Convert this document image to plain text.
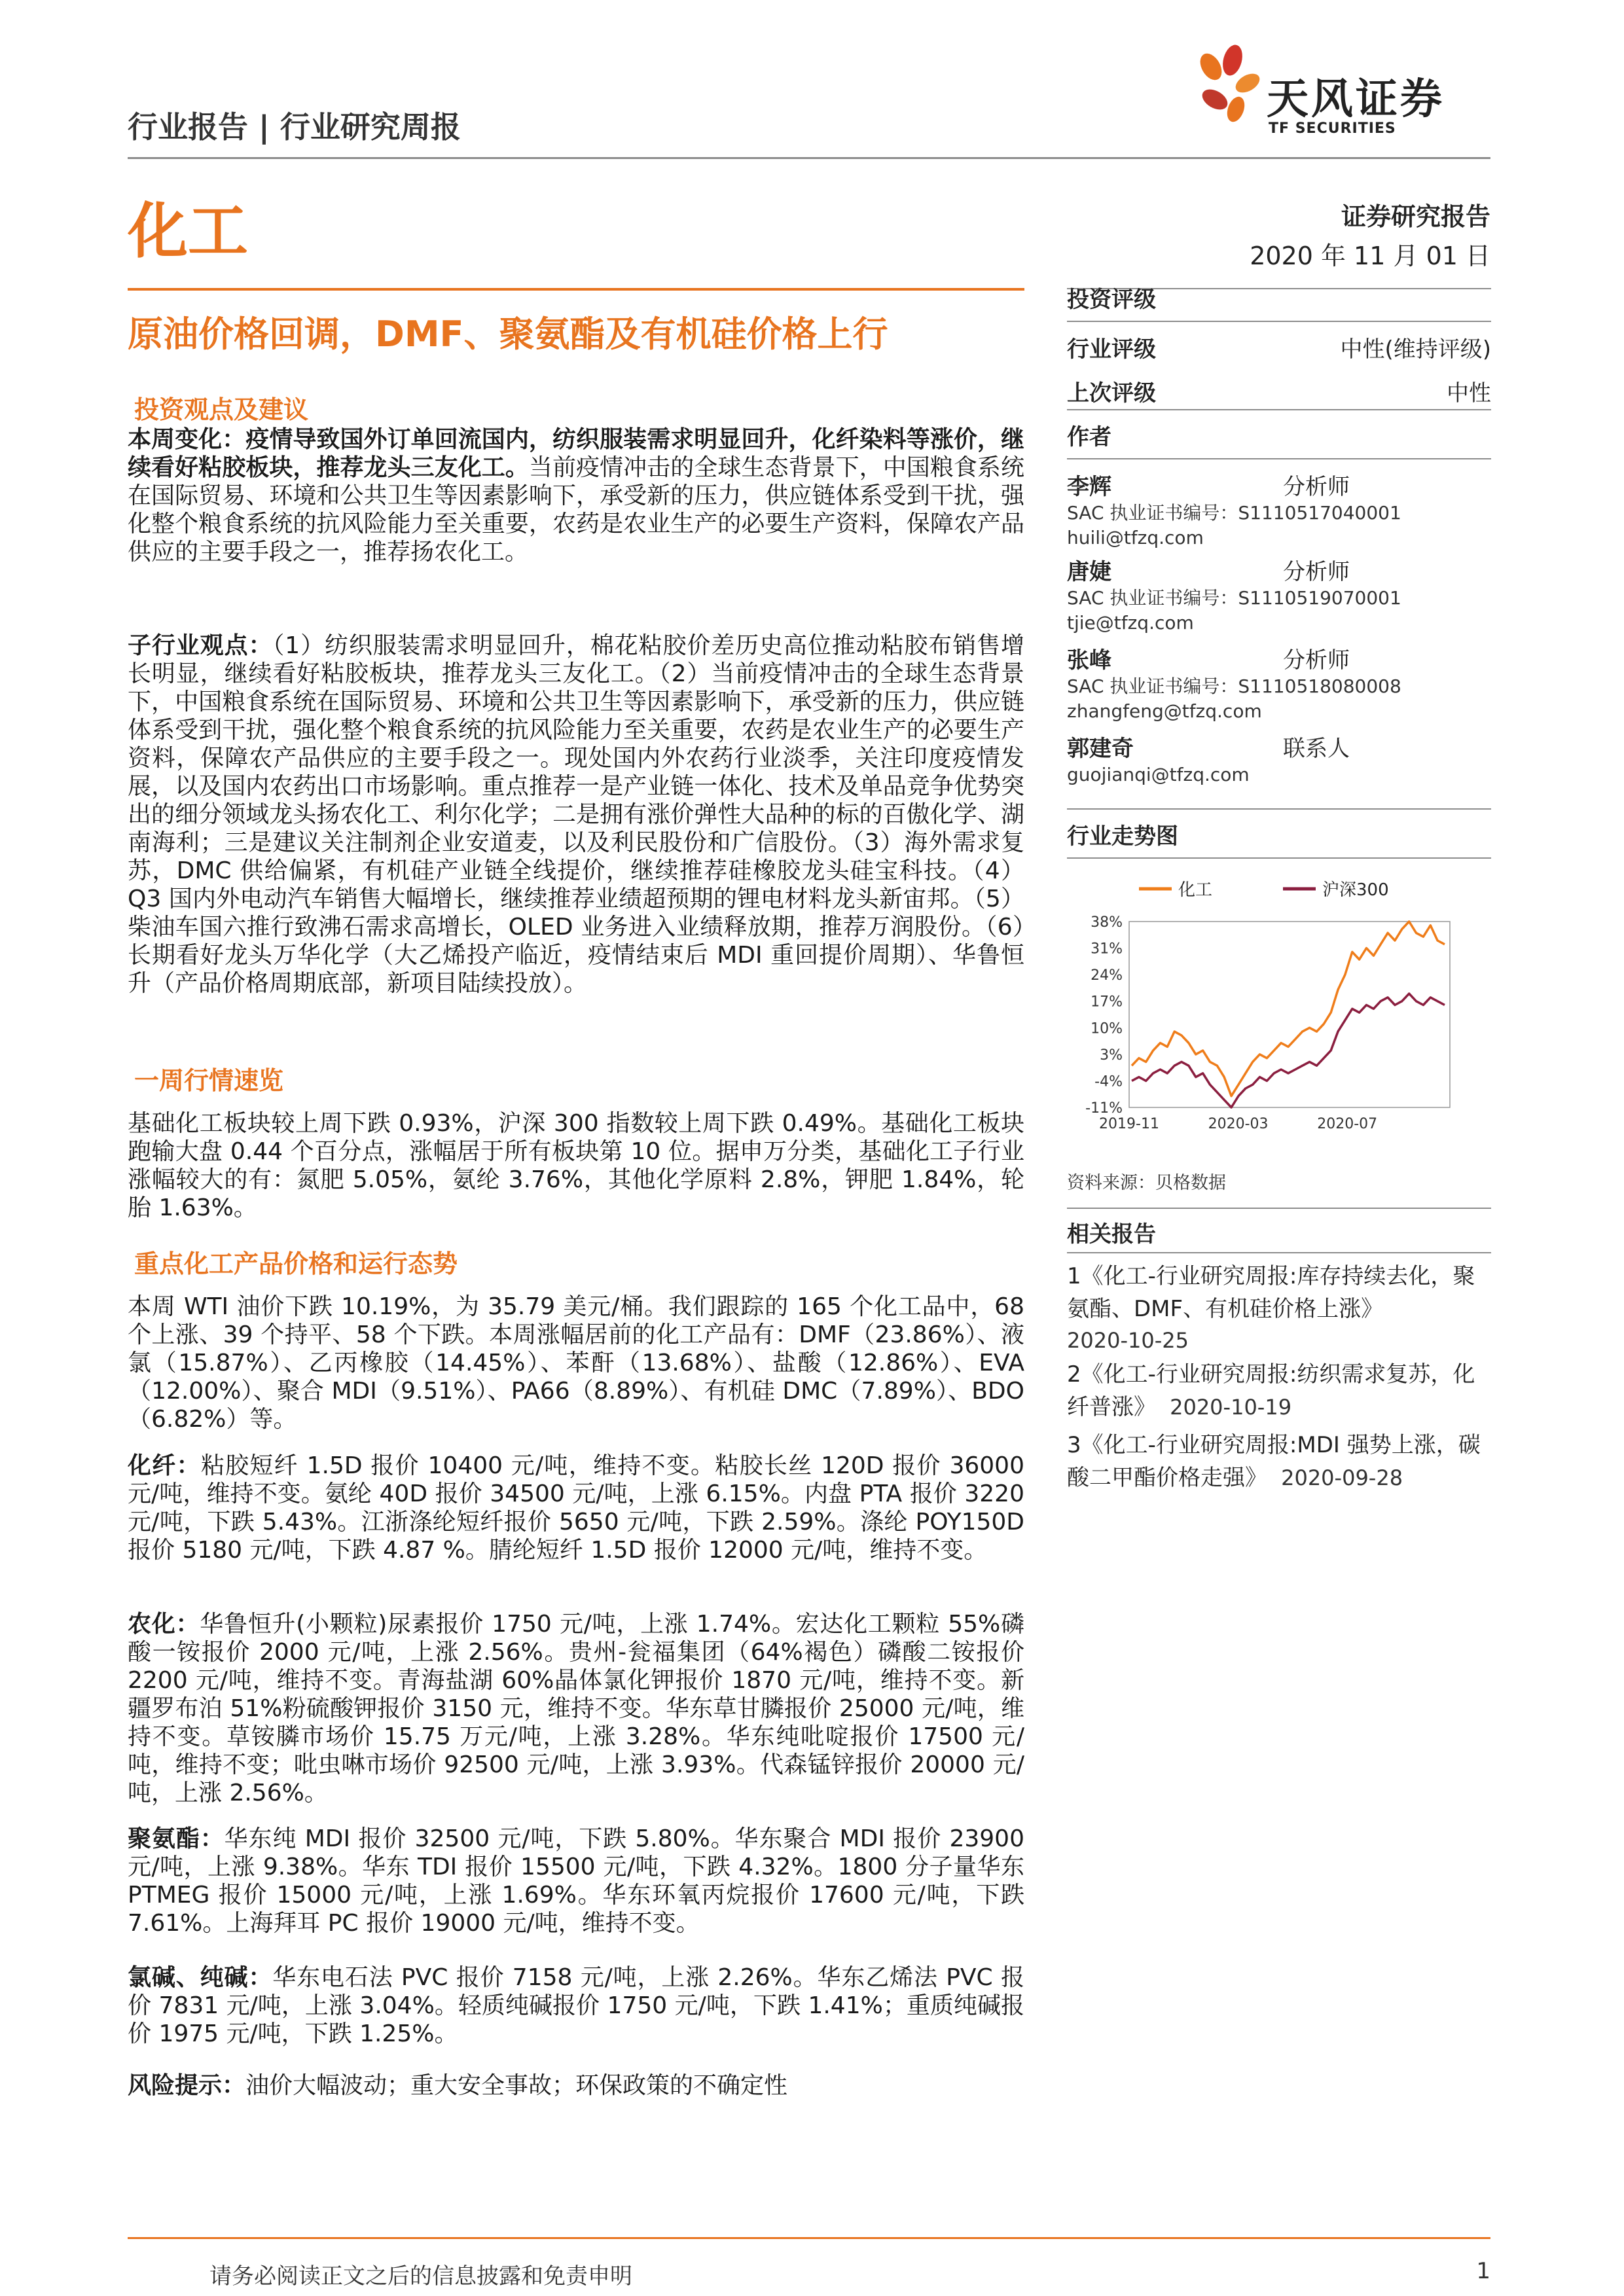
行业报告 | 行业研究周报
天风证券
TF SECURITIES
化工	证券研究报告
2020 年 11 月 01 日
原油价格回调，DMF、聚氨酯及有机硅价格上行
投资观点及建议
本周变化：疫情导致国外订单回流国内，纺织服装需求明显回升，化纤染料等涨价，继续看好粘胶板块，推荐龙头三友化工。当前疫情冲击的全球生态背景下，中国粮食系统在国际贸易、环境和公共卫生等因素影响下，承受新的压力，供应链体系受到干扰，强化整个粮食系统的抗风险能力至关重要，农药是农业生产的必要生产资料，保障农产品供应的主要手段之一，推荐扬农化工。
子行业观点：（1）纺织服装需求明显回升，棉花粘胶价差历史高位推动粘胶布销售增长明显，继续看好粘胶板块，推荐龙头三友化工。（2）当前疫情冲击的全球生态背景下，中国粮食系统在国际贸易、环境和公共卫生等因素影响下，承受新的压力，供应链体系受到干扰，强化整个粮食系统的抗风险能力至关重要，农药是农业生产的必要生产资料，保障农产品供应的主要手段之一。现处国内外农药行业淡季，关注印度疫情发展，以及国内农药出口市场影响。重点推荐一是产业链一体化、技术及单品竞争优势突出的细分领域龙头扬农化工、利尔化学；二是拥有涨价弹性大品种的标的百傲化学、湖南海利；三是建议关注制剂企业安道麦，以及利民股份和广信股份。（3）海外需求复苏，DMC 供给偏紧，有机硅产业链全线提价，继续推荐硅橡胶龙头硅宝科技。（4）Q3 国内外电动汽车销售大幅增长，继续推荐业绩超预期的锂电材料龙头新宙邦。（5）柴油车国六推行致沸石需求高增长，OLED 业务进入业绩释放期，推荐万润股份。（6）长期看好龙头万华化学（大乙烯投产临近，疫情结束后 MDI 重回提价周期）、华鲁恒升（产品价格周期底部，新项目陆续投放）。
一周行情速览
基础化工板块较上周下跌 0.93%，沪深 300 指数较上周下跌 0.49%。基础化工板块跑输大盘 0.44 个百分点，涨幅居于所有板块第 10 位。据申万分类，基础化工子行业涨幅较大的有：氮肥 5.05%，氨纶 3.76%，其他化学原料 2.8%，钾肥 1.84%，轮胎 1.63%。
重点化工产品价格和运行态势
本周 WTI 油价下跌 10.19%，为 35.79 美元/桶。我们跟踪的 165 个化工品中，68 个上涨、39 个持平、58 个下跌。本周涨幅居前的化工产品有：DMF（23.86%）、液氯（15.87%）、乙丙橡胶（14.45%）、苯酐（13.68%）、盐酸（12.86%）、EVA（12.00%）、聚合 MDI（9.51%）、PA66（8.89%）、有机硅 DMC（7.89%）、BDO（6.82%）等。
化纤：粘胶短纤 1.5D 报价 10400 元/吨，维持不变。粘胶长丝 120D 报价 36000 元/吨，维持不变。氨纶 40D 报价 34500 元/吨，上涨 6.15%。内盘 PTA 报价 3220 元/吨，下跌 5.43%。江浙涤纶短纤报价 5650 元/吨，下跌 2.59%。涤纶 POY150D 报价 5180 元/吨，下跌 4.87 %。腈纶短纤 1.5D 报价 12000 元/吨，维持不变。
农化：华鲁恒升(小颗粒)尿素报价 1750 元/吨，上涨 1.74%。宏达化工颗粒 55%磷酸一铵报价 2000 元/吨，上涨 2.56%。贵州-瓮福集团（64%褐色）磷酸二铵报价 2200 元/吨，维持不变。青海盐湖 60%晶体氯化钾报价 1870 元/吨，维持不变。新疆罗布泊 51%粉硫酸钾报价 3150 元，维持不变。华东草甘膦报价 25000 元/吨，维持不变。草铵膦市场价 15.75 万元/吨，上涨 3.28%。华东纯吡啶报价 17500 元/吨，维持不变；吡虫啉市场价 92500 元/吨，上涨 3.93%。代森锰锌报价 20000 元/吨，上涨 2.56%。
聚氨酯：华东纯 MDI 报价 32500 元/吨，下跌 5.80%。华东聚合 MDI 报价 23900 元/吨，上涨 9.38%。华东 TDI 报价 15500 元/吨，下跌 4.32%。1800 分子量华东 PTMEG 报价 15000 元/吨，上涨 1.69%。华东环氧丙烷报价 17600 元/吨，下跌 7.61%。上海拜耳 PC 报价 19000 元/吨，维持不变。
氯碱、纯碱：华东电石法 PVC 报价 7158 元/吨，上涨 2.26%。华东乙烯法 PVC 报价 7831 元/吨，上涨 3.04%。轻质纯碱报价 1750 元/吨，下跌 1.41%；重质纯碱报价 1975 元/吨，下跌 1.25%。
风险提示：油价大幅波动；重大安全事故；环保政策的不确定性
投资评级
行业评级	中性(维持评级)
上次评级	中性
作者
李辉	分析师
SAC 执业证书编号：S1110517040001
huili@tfzq.com
唐婕	分析师
SAC 执业证书编号：S1110519070001
tjie@tfzq.com
张峰	分析师
SAC 执业证书编号：S1110518080008
zhangfeng@tfzq.com
郭建奇	联系人
guojianqi@tfzq.com
行业走势图
化工	沪深300
38%
31%
24%
17%
10%
3%
-4%
-11%
2019-11	2020-03	2020-07
资料来源：贝格数据
相关报告
1《化工-行业研究周报:库存持续去化，聚氨酯、DMF、有机硅价格上涨》
2020-10-25
2《化工-行业研究周报:纺织需求复苏，化纤普涨》 2020-10-19
3《化工-行业研究周报:MDI 强势上涨，碳酸二甲酯价格走强》 2020-09-28
请务必阅读正文之后的信息披露和免责申明	1
